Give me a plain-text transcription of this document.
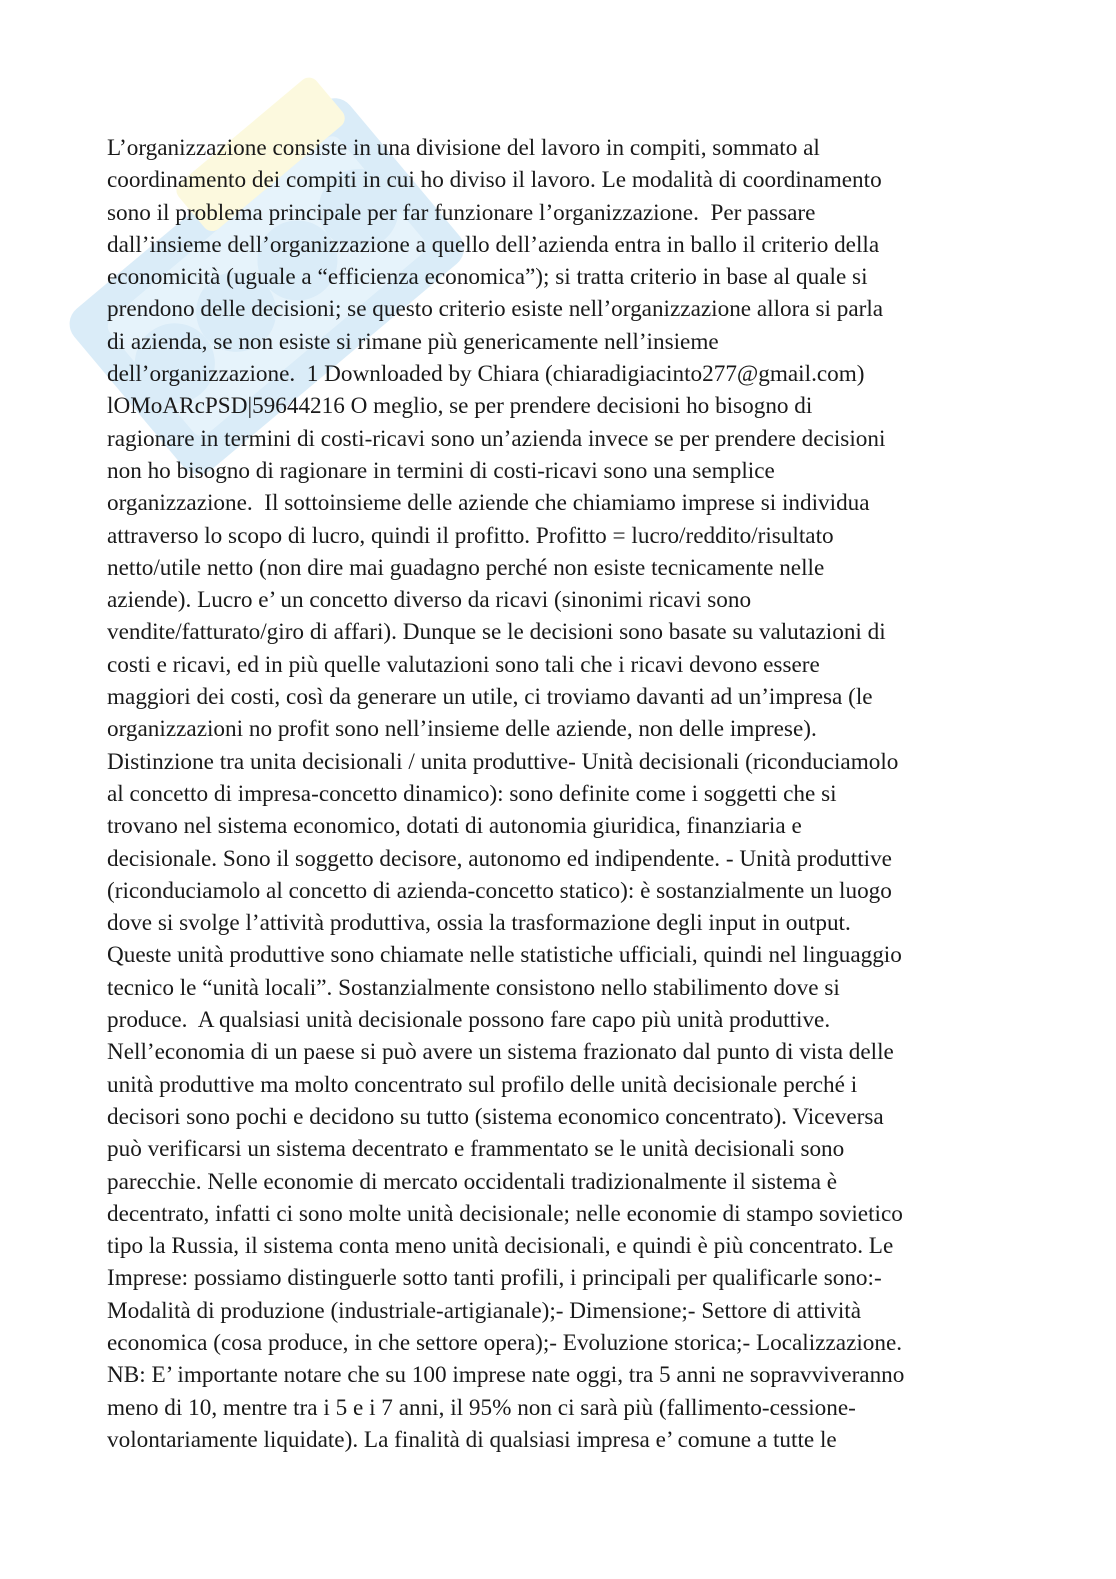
L’organizzazione consiste in una divisione del lavoro in compiti, sommato al
coordinamento dei compiti in cui ho diviso il lavoro. Le modalità di coordinamento
sono il problema principale per far funzionare l’organizzazione.  Per passare
dall’insieme dell’organizzazione a quello dell’azienda entra in ballo il criterio della
economicità (uguale a “efficienza economica”); si tratta criterio in base al quale si
prendono delle decisioni; se questo criterio esiste nell’organizzazione allora si parla
di azienda, se non esiste si rimane più genericamente nell’insieme
dell’organizzazione.  1 Downloaded by Chiara (chiaradigiacinto277@gmail.com)
lOMoARcPSD|59644216 O meglio, se per prendere decisioni ho bisogno di
ragionare in termini di costi-ricavi sono un’azienda invece se per prendere decisioni
non ho bisogno di ragionare in termini di costi-ricavi sono una semplice
organizzazione.  Il sottoinsieme delle aziende che chiamiamo imprese si individua
attraverso lo scopo di lucro, quindi il profitto. Profitto = lucro/reddito/risultato
netto/utile netto (non dire mai guadagno perché non esiste tecnicamente nelle
aziende). Lucro e’ un concetto diverso da ricavi (sinonimi ricavi sono
vendite/fatturato/giro di affari). Dunque se le decisioni sono basate su valutazioni di
costi e ricavi, ed in più quelle valutazioni sono tali che i ricavi devono essere
maggiori dei costi, così da generare un utile, ci troviamo davanti ad un’impresa (le
organizzazioni no profit sono nell’insieme delle aziende, non delle imprese).
Distinzione tra unita decisionali / unita produttive- Unità decisionali (riconduciamolo
al concetto di impresa-concetto dinamico): sono definite come i soggetti che si
trovano nel sistema economico, dotati di autonomia giuridica, finanziaria e
decisionale. Sono il soggetto decisore, autonomo ed indipendente. - Unità produttive
(riconduciamolo al concetto di azienda-concetto statico): è sostanzialmente un luogo
dove si svolge l’attività produttiva, ossia la trasformazione degli input in output.
Queste unità produttive sono chiamate nelle statistiche ufficiali, quindi nel linguaggio
tecnico le “unità locali”. Sostanzialmente consistono nello stabilimento dove si
produce.  A qualsiasi unità decisionale possono fare capo più unità produttive.
Nell’economia di un paese si può avere un sistema frazionato dal punto di vista delle
unità produttive ma molto concentrato sul profilo delle unità decisionale perché i
decisori sono pochi e decidono su tutto (sistema economico concentrato). Viceversa
può verificarsi un sistema decentrato e frammentato se le unità decisionali sono
parecchie. Nelle economie di mercato occidentali tradizionalmente il sistema è
decentrato, infatti ci sono molte unità decisionale; nelle economie di stampo sovietico
tipo la Russia, il sistema conta meno unità decisionali, e quindi è più concentrato. Le
Imprese: possiamo distinguerle sotto tanti profili, i principali per qualificarle sono:-
Modalità di produzione (industriale-artigianale);- Dimensione;- Settore di attività
economica (cosa produce, in che settore opera);- Evoluzione storica;- Localizzazione.
NB: E’ importante notare che su 100 imprese nate oggi, tra 5 anni ne sopravviveranno
meno di 10, mentre tra i 5 e i 7 anni, il 95% non ci sarà più (fallimento-cessione-
volontariamente liquidate). La finalità di qualsiasi impresa e’ comune a tutte le
